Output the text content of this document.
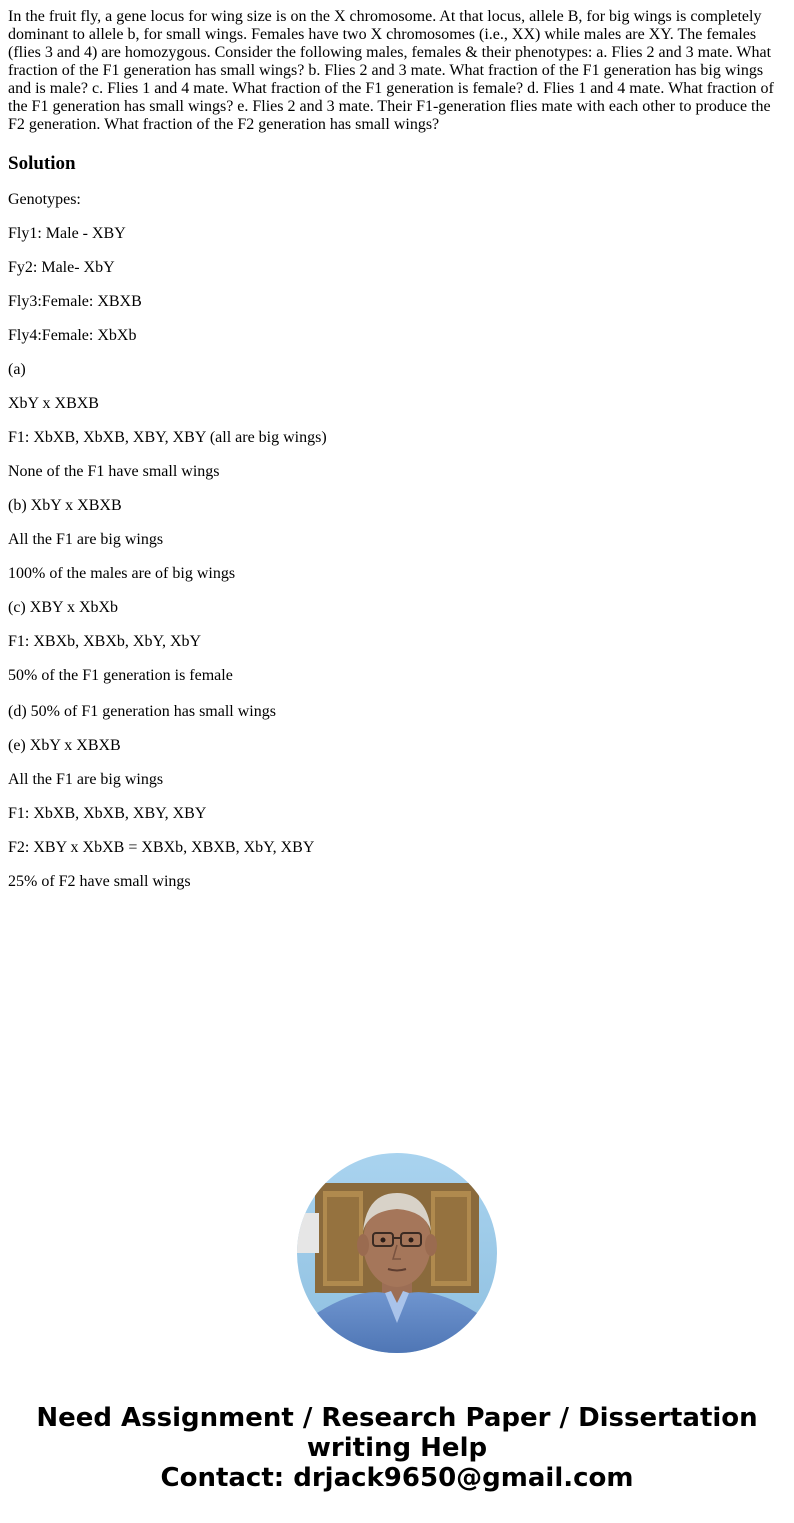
In the fruit fly, a gene locus for wing size is on the X chromosome. At that locus, allele B, for big wings is completely dominant to allele b, for small wings. Females have two X chromosomes (i.e., XX) while males are XY. The females (flies 3 and 4) are homozygous. Consider the following males, females & their phenotypes: a. Flies 2 and 3 mate. What fraction of the F1 generation has small wings? b. Flies 2 and 3 mate. What fraction of the F1 generation has big wings and is male? c. Flies 1 and 4 mate. What fraction of the F1 generation is female? d. Flies 1 and 4 mate. What fraction of the F1 generation has small wings? e. Flies 2 and 3 mate. Their F1-generation flies mate with each other to produce the F2 generation. What fraction of the F2 generation has small wings?

Solution

Genotypes:

Fly1: Male - XBY

Fy2: Male- XbY

Fly3:Female: XBXB

Fly4:Female: XbXb

(a)

XbY x XBXB

F1: XbXB, XbXB, XBY, XBY (all are big wings)

None of the F1 have small wings

(b) XbY x XBXB

All the F1 are big wings

100% of the males are of big wings

(c) XBY x XbXb

F1: XBXb, XBXb, XbY, XbY

50% of the F1 generation is female

(d) 50% of F1 generation has small wings

(e) XbY x XBXB

All the F1 are big wings

F1: XbXB, XbXB, XBY, XBY

F2: XBY x XbXB = XBXb, XBXB, XbY, XBY

25% of F2 have small wings

Need Assignment / Research Paper / Dissertation
writing Help
Contact: drjack9650@gmail.com
